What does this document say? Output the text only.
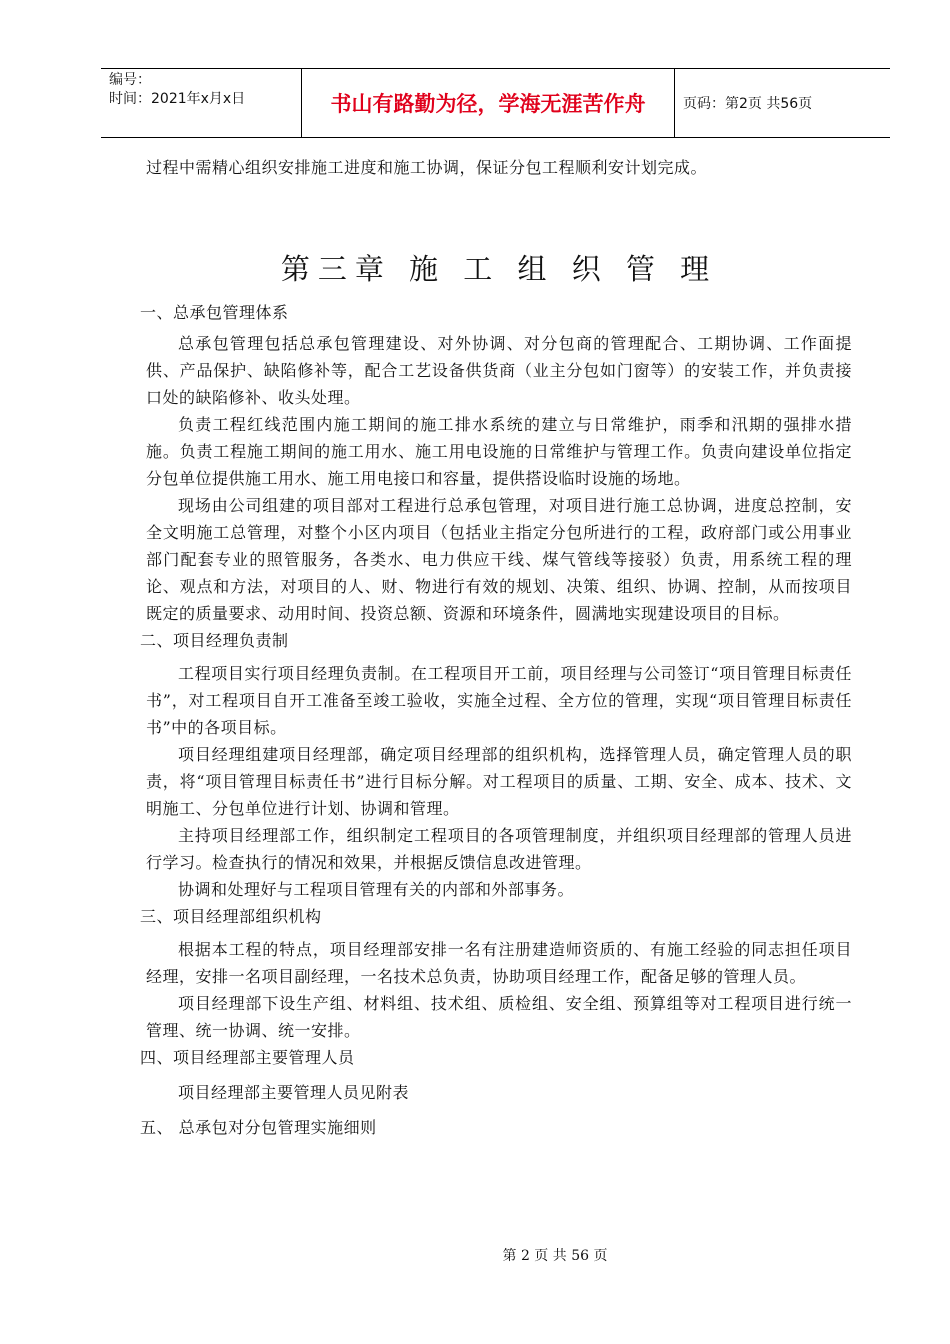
编号：
时间：2021年x月x日	书山有路勤为径，学海无涯苦作舟	页码：第2页 共56页

过程中需精心组织安排施工进度和施工协调，保证分包工程顺利安计划完成。

第三章 施 工 组 织 管 理

一、总承包管理体系

总承包管理包括总承包管理建设、对外协调、对分包商的管理配合、工期协调、工作面提供、产品保护、缺陷修补等，配合工艺设备供货商（业主分包如门窗等）的安装工作，并负责接口处的缺陷修补、收头处理。

负责工程红线范围内施工期间的施工排水系统的建立与日常维护，雨季和汛期的强排水措施。负责工程施工期间的施工用水、施工用电设施的日常维护与管理工作。负责向建设单位指定分包单位提供施工用水、施工用电接口和容量，提供搭设临时设施的场地。

现场由公司组建的项目部对工程进行总承包管理，对项目进行施工总协调，进度总控制，安全文明施工总管理，对整个小区内项目（包括业主指定分包所进行的工程，政府部门或公用事业部门配套专业的照管服务，各类水、电力供应干线、煤气管线等接驳）负责，用系统工程的理论、观点和方法，对项目的人、财、物进行有效的规划、决策、组织、协调、控制，从而按项目既定的质量要求、动用时间、投资总额、资源和环境条件，圆满地实现建设项目的目标。

二、项目经理负责制

工程项目实行项目经理负责制。在工程项目开工前，项目经理与公司签订“项目管理目标责任书”，对工程项目自开工准备至竣工验收，实施全过程、全方位的管理，实现“项目管理目标责任书”中的各项目标。

项目经理组建项目经理部，确定项目经理部的组织机构，选择管理人员，确定管理人员的职责，将“项目管理目标责任书”进行目标分解。对工程项目的质量、工期、安全、成本、技术、文明施工、分包单位进行计划、协调和管理。

主持项目经理部工作，组织制定工程项目的各项管理制度，并组织项目经理部的管理人员进行学习。检查执行的情况和效果，并根据反馈信息改进管理。

协调和处理好与工程项目管理有关的内部和外部事务。

三、项目经理部组织机构

根据本工程的特点，项目经理部安排一名有注册建造师资质的、有施工经验的同志担任项目经理，安排一名项目副经理，一名技术总负责，协助项目经理工作，配备足够的管理人员。

项目经理部下设生产组、材料组、技术组、质检组、安全组、预算组等对工程项目进行统一管理、统一协调、统一安排。

四、项目经理部主要管理人员

项目经理部主要管理人员见附表

五、 总承包对分包管理实施细则

第 2 页 共 56 页
